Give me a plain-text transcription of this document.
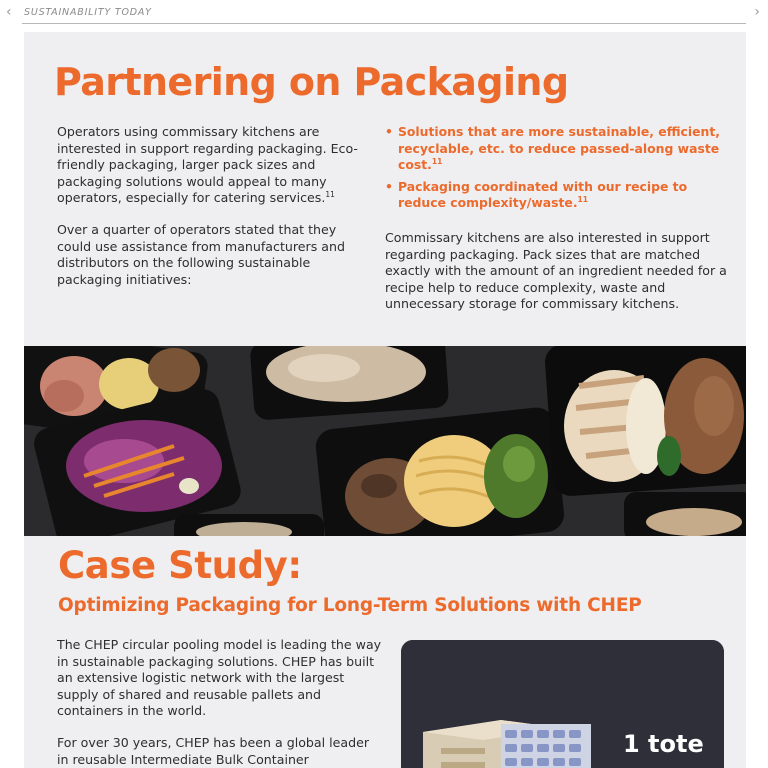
‹ SUSTAINABILITY TODAY	›
Partnering on Packaging

Operators using commissary kitchens are interested in support regarding packaging. Eco-friendly packaging, larger pack sizes and packaging solutions would appeal to many operators, especially for catering services.$^{11}$

Over a quarter of operators stated that they could use assistance from manufacturers and distributors on the following sustainable packaging initiatives:

• Solutions that are more sustainable, efficient, recyclable, etc. to reduce passed-along waste cost.$^{11}$
• Packaging coordinated with our recipe to reduce complexity/waste.$^{11}$

Commissary kitchens are also interested in support regarding packaging. Pack sizes that are matched exactly with the amount of an ingredient needed for a recipe help to reduce complexity, waste and unnecessary storage for commissary kitchens.

Case Study:
Optimizing Packaging for Long-Term Solutions with CHEP

The CHEP circular pooling model is leading the way in sustainable packaging solutions. CHEP has built an extensive logistic network with the largest supply of shared and reusable pallets and containers in the world.

For over 30 years, CHEP has been a global leader in reusable Intermediate Bulk Container

1 tote
